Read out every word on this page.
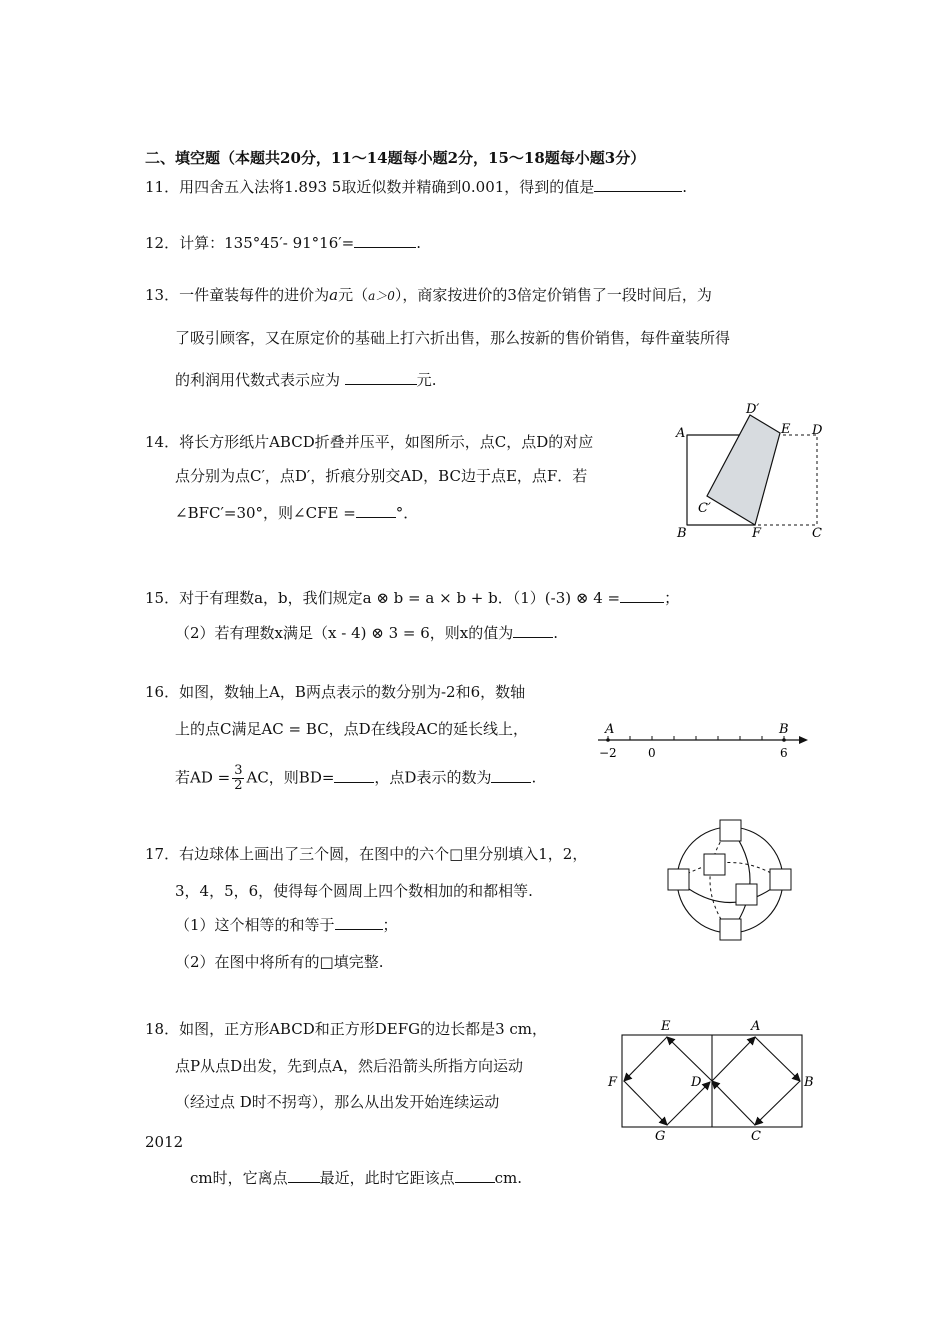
二、填空题（本题共20分，11～14题每小题2分，15～18题每小题3分）
11．用四舍五入法将1.893 5取近似数并精确到0.001，得到的值是	.
12．计算：135°45′- 91°16′=	.
13．一件童装每件的进价为a元（a＞0），商家按进价的3倍定价销售了一段时间后，为
了吸引顾客，又在原定价的基础上打六折出售，那么按新的售价销售，每件童装所得
的利润用代数式表示应为	元.
14．将长方形纸片ABCD折叠并压平，如图所示，点C，点D的对应
点分别为点C′，点D′，折痕分别交AD，BC边于点E，点F．若
∠BFC′=30°，则∠CFE =	°．
A
B	C
D
E
F
C′
D′
15．对于有理数a，b，我们规定a ⊗ b = a × b + b．（1）(-3) ⊗ 4 =	；
（2）若有理数x满足（x - 4) ⊗ 3 = 6，则x的值为	.
16．如图，数轴上A，B两点表示的数分别为-2和6，数轴
上的点C满足AC = BC，点D在线段AC的延长线上，
若AD = $\frac{3}{2}$ AC，则BD=	，点D表示的数为	.
A	B
−2	0	6
17．右边球体上画出了三个圆，在图中的六个□里分别填入1，2，
3，4，5，6，使得每个圆周上四个数相加的和都相等.
（1）这个相等的和等于	；
（2）在图中将所有的□填完整.
18．如图，正方形ABCD和正方形DEFG的边长都是3 cm，
点P从点D出发，先到点A，然后沿箭头所指方向运动
（经过点 D时不拐弯），那么从出发开始连续运动
2012
cm时，它离点 最近，此时它距该点	cm.
E	A
F	D	B
G	C
